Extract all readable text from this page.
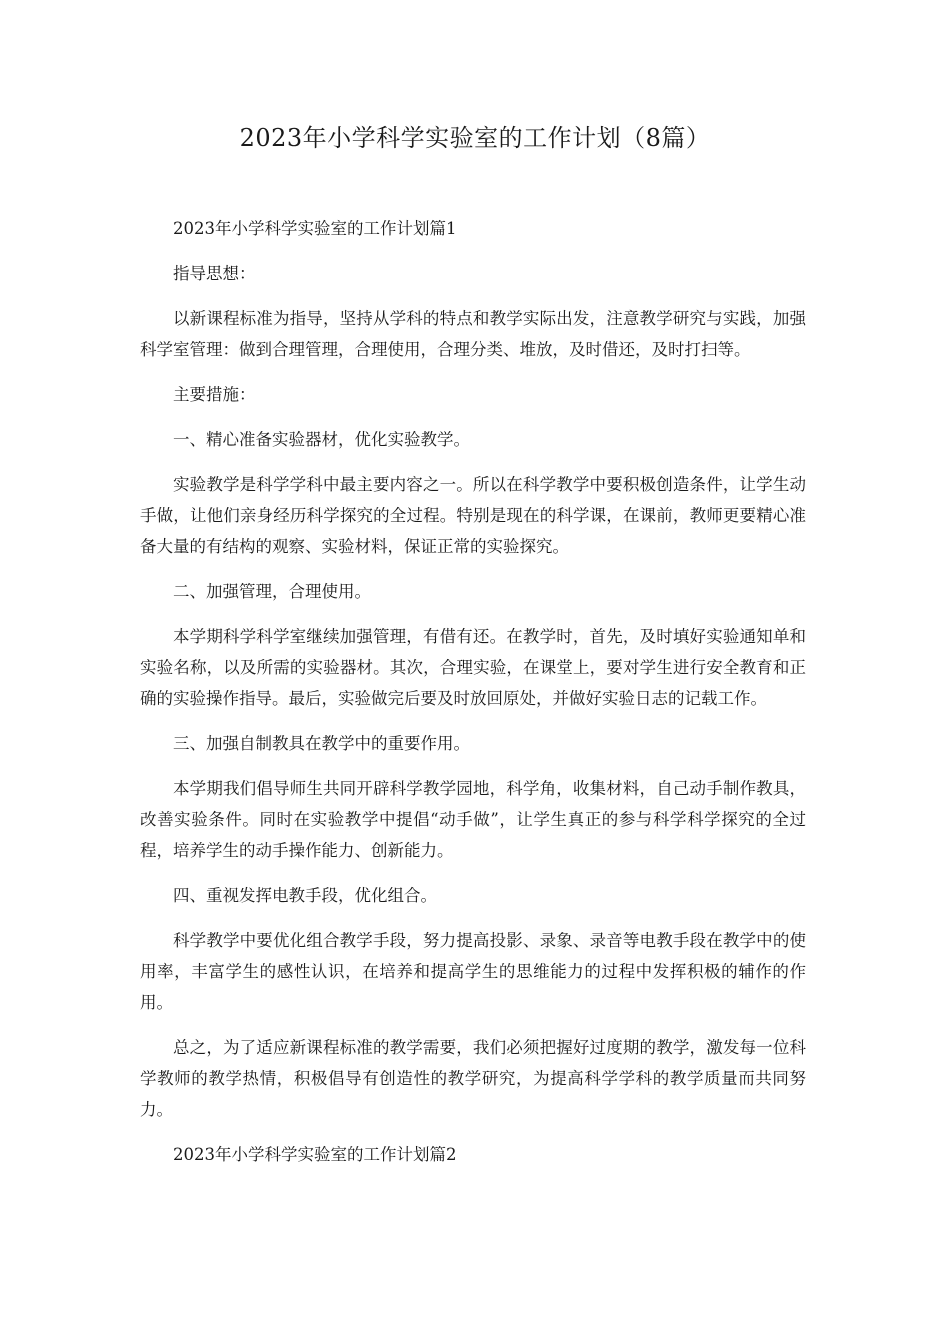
2023年小学科学实验室的工作计划（8篇）

2023年小学科学实验室的工作计划篇1

指导思想：

以新课程标准为指导，坚持从学科的特点和教学实际出发，注意教学研究与实践，加强科学室管理：做到合理管理，合理使用，合理分类、堆放，及时借还，及时打扫等。

主要措施：

一、精心准备实验器材，优化实验教学。

实验教学是科学学科中最主要内容之一。所以在科学教学中要积极创造条件，让学生动手做，让他们亲身经历科学探究的全过程。特别是现在的科学课，在课前，教师更要精心准备大量的有结构的观察、实验材料，保证正常的实验探究。

二、加强管理，合理使用。

本学期科学科学室继续加强管理，有借有还。在教学时，首先，及时填好实验通知单和实验名称，以及所需的实验器材。其次，合理实验，在课堂上，要对学生进行安全教育和正确的实验操作指导。最后，实验做完后要及时放回原处，并做好实验日志的记载工作。

三、加强自制教具在教学中的重要作用。

本学期我们倡导师生共同开辟科学教学园地，科学角，收集材料，自己动手制作教具，改善实验条件。同时在实验教学中提倡“动手做”，让学生真正的参与科学科学探究的全过程，培养学生的动手操作能力、创新能力。

四、重视发挥电教手段，优化组合。

科学教学中要优化组合教学手段，努力提高投影、录象、录音等电教手段在教学中的使用率，丰富学生的感性认识，在培养和提高学生的思维能力的过程中发挥积极的辅作的作用。

总之，为了适应新课程标准的教学需要，我们必须把握好过度期的教学，激发每一位科学教师的教学热情，积极倡导有创造性的教学研究，为提高科学学科的教学质量而共同努力。

2023年小学科学实验室的工作计划篇2
